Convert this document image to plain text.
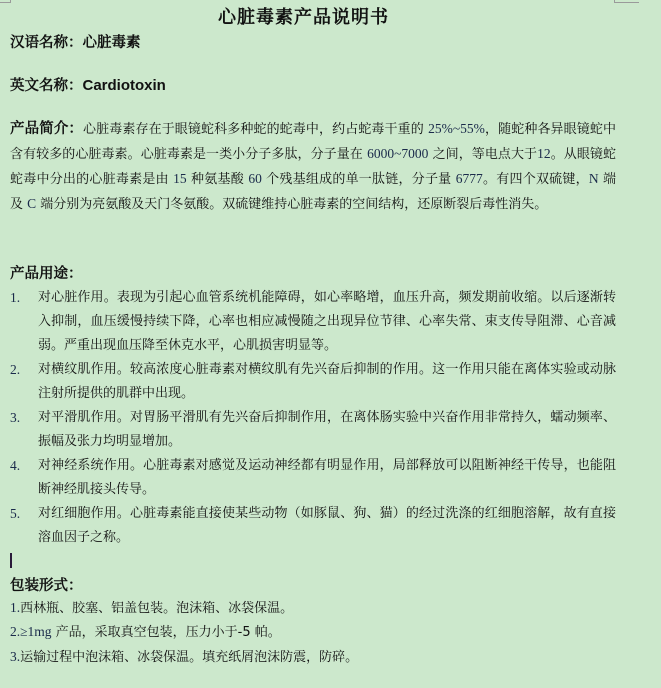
心脏毒素产品说明书
汉语名称：心脏毒素
英文名称：Cardiotoxin
产品简介：心脏毒素存在于眼镜蛇科多种蛇的蛇毒中，约占蛇毒干重的 25%~55%，随蛇种各异眼镜蛇中含有较多的心脏毒素。心脏毒素是一类小分子多肽，分子量在 6000~7000 之间，等电点大于12。从眼镜蛇蛇毒中分出的心脏毒素是由 15 种氨基酸 60 个残基组成的单一肽链，分子量 6777。有四个双硫键，N 端及 C 端分别为亮氨酸及天门冬氨酸。双硫键维持心脏毒素的空间结构，还原断裂后毒性消失。
产品用途：
1. 对心脏作用。表现为引起心血管系统机能障碍，如心率略增，血压升高，频发期前收缩。以后逐渐转入抑制，血压缓慢持续下降，心率也相应减慢随之出现异位节律、心率失常、束支传导阻滞、心音减弱。严重出现血压降至休克水平，心肌损害明显等。
2. 对横纹肌作用。较高浓度心脏毒素对横纹肌有先兴奋后抑制的作用。这一作用只能在离体实验或动脉注射所提供的肌群中出现。
3. 对平滑肌作用。对胃肠平滑肌有先兴奋后抑制作用，在离体肠实验中兴奋作用非常持久，蠕动频率、振幅及张力均明显增加。
4. 对神经系统作用。心脏毒素对感觉及运动神经都有明显作用，局部释放可以阻断神经干传导，也能阻断神经肌接头传导。
5. 对红细胞作用。心脏毒素能直接使某些动物（如豚鼠、狗、猫）的经过洗涤的红细胞溶解，故有直接溶血因子之称。
包装形式：
1.西林瓶、胶塞、铝盖包装。泡沫箱、冰袋保温。
2.≥1mg 产品，采取真空包装，压力小于-5 帕。
3.运输过程中泡沫箱、冰袋保温。填充纸屑泡沫防震，防碎。
